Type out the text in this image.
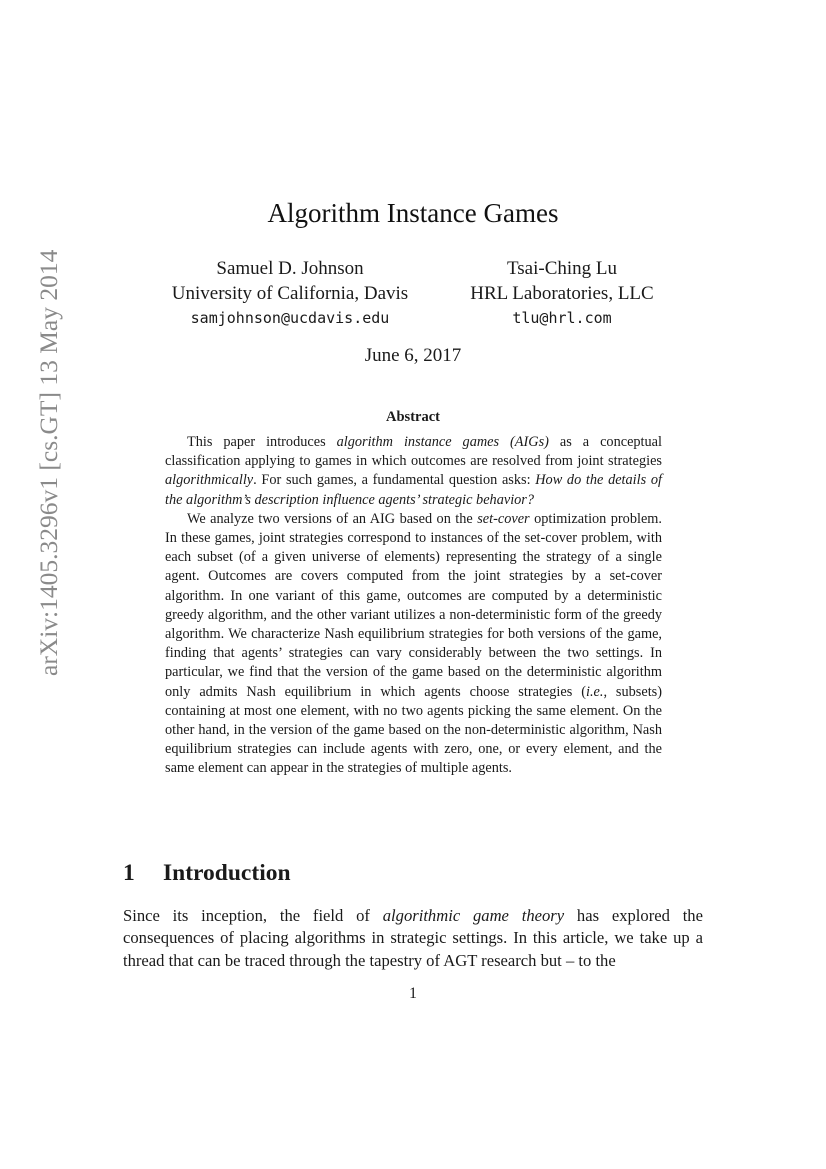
arXiv:1405.3296v1 [cs.GT] 13 May 2014
Algorithm Instance Games
Samuel D. Johnson
University of California, Davis
samjohnson@ucdavis.edu
Tsai-Ching Lu
HRL Laboratories, LLC
tlu@hrl.com
June 6, 2017
Abstract

This paper introduces algorithm instance games (AIGs) as a conceptual classification applying to games in which outcomes are resolved from joint strategies algorithmically. For such games, a fundamental question asks: How do the details of the algorithm’s description influence agents’ strategic behavior?

We analyze two versions of an AIG based on the set-cover optimization problem. In these games, joint strategies correspond to instances of the set-cover problem, with each subset (of a given universe of elements) representing the strategy of a single agent. Outcomes are covers computed from the joint strategies by a set-cover algorithm. In one variant of this game, outcomes are computed by a deterministic greedy algorithm, and the other variant utilizes a non-deterministic form of the greedy algorithm. We characterize Nash equilibrium strategies for both versions of the game, finding that agents’ strategies can vary considerably between the two settings. In particular, we find that the version of the game based on the deterministic algorithm only admits Nash equilibrium in which agents choose strategies (i.e., subsets) containing at most one element, with no two agents picking the same element. On the other hand, in the version of the game based on the non-deterministic algorithm, Nash equilibrium strategies can include agents with zero, one, or every element, and the same element can appear in the strategies of multiple agents.

1 Introduction

Since its inception, the field of algorithmic game theory has explored the consequences of placing algorithms in strategic settings. In this article, we take up a thread that can be traced through the tapestry of AGT research but – to the

1
